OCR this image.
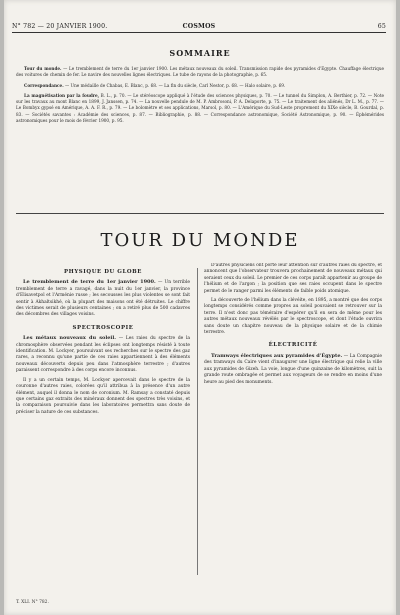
N° 782 — 20 JANVIER 1900.	COSMOS	65
SOMMAIRE

Tour du monde. — Le tremblement de terre du 1er janvier 1900. Les métaux nouveaux du soleil. Transmission rapide des pyramides d'Egypte. Chauffage électrique des voitures de chemin de fer. Le navire des nouvelles lignes électriques. Le tube de rayons de la photographie, p. 65.

Correspondance. — Une médaille de Chabas, E. Blanc, p. 68. — La fin du siècle, Carl Nestor, p. 68. — Halo solaire, p. 69.

La magnétisation par la foudre, B. L., p. 70. — Le stéréoscope appliqué à l'étude des sciences physiques, p. 70. — Le tunnel du Simplon, A. Berthier, p. 72. — Note sur les travaux au mont Blanc en 1899, J. Janssen, p. 74. — La nouvelle pendule de M. P. Ambrosoni, P. A. Delaporte, p. 75. — Le traitement des aliénés, Dr L. M., p. 77. — Le Bombyx gypsé en Amérique, A. A. F. R., p. 79. — Le bolomètre et ses applications, Marsol, p. 80. — L'Amérique du Sud-Leste proprement du XIXe siècle, B. Gourdal, p. 83. — Sociétés savantes : Académie des sciences, p. 87. — Bibliographie, p. 88. — Correspondance astronomique, Société Astronomique, p. 90. — Éphémérides astronomiques pour le mois de février 1900, p. 95.

TOUR DU MONDE
PHYSIQUE DU GLOBE

Le tremblement de terre du 1er janvier 1900. — Un terrible tremblement de terre a ravagé, dans la nuit du 1er janvier, la province d'Elisavetpol et l'Arménie russe ; les secousses les plus violentes se sont fait sentir à Akhaltsikhé, où la plupart des maisons ont été détruites. Le chiffre des victimes serait de plusieurs centaines ; on a retiré plus de 500 cadavres des décombres des villages voisins.

SPECTROSCOPIE

Les métaux nouveaux du soleil. — Les raies du spectre de la chromosphère observées pendant les éclipses ont longtemps résisté à toute identification. M. Lockyer, poursuivant ses recherches sur le spectre des gaz rares, a reconnu qu'une partie de ces raies appartiennent à des éléments nouveaux découverts depuis peu dans l'atmosphère terrestre ; d'autres paraissent correspondre à des corps encore inconnus.

Il y a un certain temps, M. Lockyer apercevait dans le spectre de la couronne d'autres raies, colorées qu'il attribua à la présence d'un autre élément, auquel il donna le nom de coronium. M. Ramsay a constaté depuis que certains gaz extraits des minéraux donnent des spectres très voisins, et la comparaison poursuivie dans les laboratoires permettra sans doute de préciser la nature de ces substances.

D'autres physiciens ont porté leur attention sur d'autres raies du spectre, et annoncent que l'observateur trouvera prochainement de nouveaux métaux qui seraient ceux du soleil. Le premier de ces corps paraît appartenir au groupe de l'hélium et de l'argon ; la position que ses raies occupent dans le spectre permet de le ranger parmi les éléments de faible poids atomique.

La découverte de l'hélium dans la clévéite, en 1895, a montré que des corps longtemps considérés comme propres au soleil pouvaient se retrouver sur la terre. Il n'est donc pas téméraire d'espérer qu'il en sera de même pour les autres métaux nouveaux révélés par le spectroscope, et dont l'étude ouvrira sans doute un chapitre nouveau de la physique solaire et de la chimie terrestre.

ÉLECTRICITÉ

Tramways électriques aux pyramides d'Égypte. — La Compagnie des tramways du Caire vient d'inaugurer une ligne électrique qui relie la ville aux pyramides de Gizeh. La voie, longue d'une quinzaine de kilomètres, suit la grande route ombragée et permet aux voyageurs de se rendre en moins d'une heure au pied des monuments.

T. XLI. N° 782.
